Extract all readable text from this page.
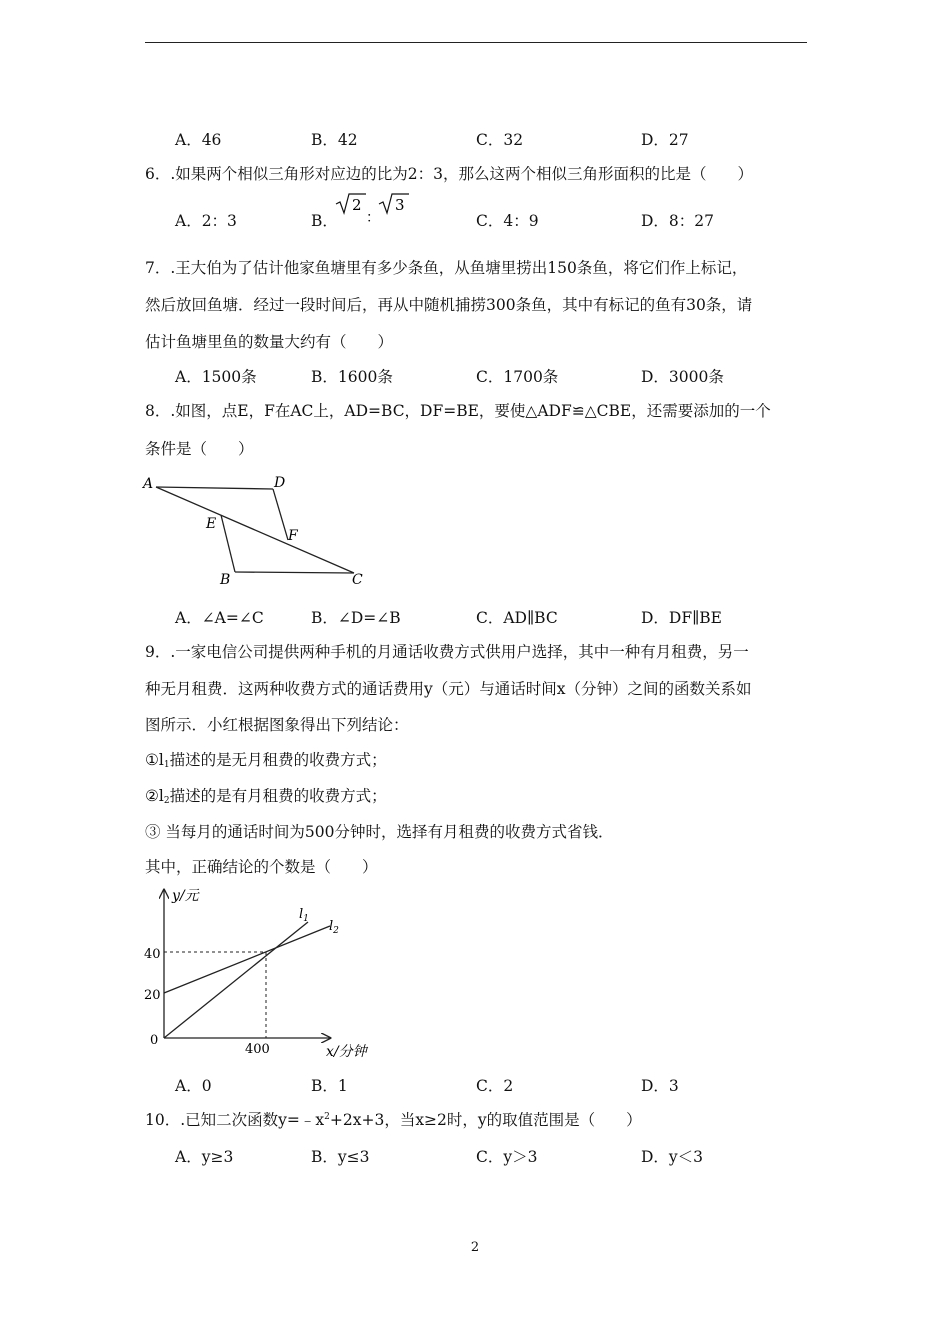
A．46	B．42	C．32	D．27
6．.如果两个相似三角形对应边的比为2：3，那么这两个相似三角形面积的比是（　　）
A．2：3	B．	C．4：9	D．8：27
2
：
3
7．.王大伯为了估计他家鱼塘里有多少条鱼，从鱼塘里捞出150条鱼，将它们作上标记，
然后放回鱼塘．经过一段时间后，再从中随机捕捞300条鱼，其中有标记的鱼有30条，请
估计鱼塘里鱼的数量大约有（　　）
A．1500条	B．1600条	C．1700条	D．3000条
8．.如图，点E，F在AC上，AD=BC，DF=BE，要使△ADF≌△CBE，还需要添加的一个
条件是（　　）
A	D
E
F
B	C
A．∠A=∠C	B．∠D=∠B	C．AD∥BC	D．DF∥BE
9．.一家电信公司提供两种手机的月通话收费方式供用户选择，其中一种有月租费，另一
种无月租费．这两种收费方式的通话费用y（元）与通话时间x（分钟）之间的函数关系如
图所示．小红根据图象得出下列结论：
$①l_1$描述的是无月租费的收费方式；
$②l_2$描述的是有月租费的收费方式；
③ 当每月的通话时间为500分钟时，选择有月租费的收费方式省钱．
其中，正确结论的个数是（　　）
y/元
x/分钟
40
20
0
400
$l_1$ $l_2$
A．0	B．1	C．2	D．3
10．.已知二次函数$y=﹣x^2+2x+3$，当x≥2时，y的取值范围是（　　）
A．y≥3	B．y≤3	C．y＞3	D．y＜3
2
